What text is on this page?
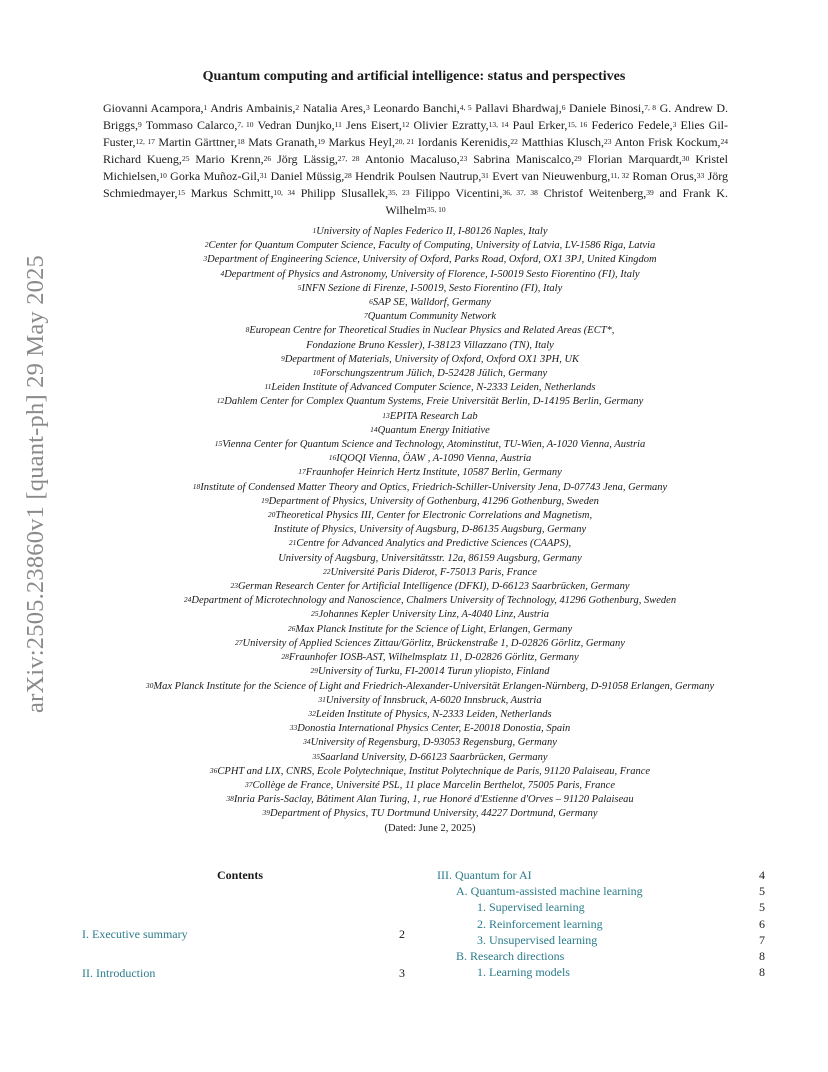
arXiv:2505.23860v1 [quant-ph] 29 May 2025
Quantum computing and artificial intelligence: status and perspectives
Giovanni Acampora,$^1$ Andris Ambainis,$^2$ Natalia Ares,$^3$ Leonardo Banchi,$^{4, 5}$ Pallavi Bhardwaj,$^6$ Daniele Binosi,$^{7, 8}$ G. Andrew D. Briggs,$^9$ Tommaso Calarco,$^{7, 10}$ Vedran Dunjko,$^{11}$ Jens Eisert,$^{12}$ Olivier Ezratty,$^{13, 14}$ Paul Erker,$^{15, 16}$ Federico Fedele,$^3$ Elies Gil-Fuster,$^{12, 17}$ Martin Gärttner,$^{18}$ Mats Granath,$^{19}$ Markus Heyl,$^{20, 21}$ Iordanis Kerenidis,$^{22}$ Matthias Klusch,$^{23}$ Anton Frisk Kockum,$^{24}$ Richard Kueng,$^{25}$ Mario Krenn,$^{26}$ Jörg Lässig,$^{27, 28}$ Antonio Macaluso,$^{23}$ Sabrina Maniscalco,$^{29}$ Florian Marquardt,$^{30}$ Kristel Michielsen,$^{10}$ Gorka Muñoz-Gil,$^{31}$ Daniel Müssig,$^{28}$ Hendrik Poulsen Nautrup,$^{31}$ Evert van Nieuwenburg,$^{11, 32}$ Roman Orus,$^{33}$ Jörg Schmiedmayer,$^{15}$ Markus Schmitt,$^{10, 34}$ Philipp Slusallek,$^{35, 23}$ Filippo Vicentini,$^{36, 37, 38}$ Christof Weitenberg,$^{39}$ and Frank K. Wilhelm$^{35, 10}$
$^1$University of Naples Federico II, I-80126 Naples, Italy
$^2$Center for Quantum Computer Science, Faculty of Computing, University of Latvia, LV-1586 Riga, Latvia
$^3$Department of Engineering Science, University of Oxford, Parks Road, Oxford, OX1 3PJ, United Kingdom
$^4$Department of Physics and Astronomy, University of Florence, I-50019 Sesto Fiorentino (FI), Italy
$^5$INFN Sezione di Firenze, I-50019, Sesto Fiorentino (FI), Italy
$^6$SAP SE, Walldorf, Germany
$^7$Quantum Community Network
$^8$European Centre for Theoretical Studies in Nuclear Physics and Related Areas (ECT*,
Fondazione Bruno Kessler), I-38123 Villazzano (TN), Italy
$^9$Department of Materials, University of Oxford, Oxford OX1 3PH, UK
$^{10}$Forschungszentrum Jülich, D-52428 Jülich, Germany
$^{11}$Leiden Institute of Advanced Computer Science, N-2333 Leiden, Netherlands
$^{12}$Dahlem Center for Complex Quantum Systems, Freie Universität Berlin, D-14195 Berlin, Germany
$^{13}$EPITA Research Lab
$^{14}$Quantum Energy Initiative
$^{15}$Vienna Center for Quantum Science and Technology, Atominstitut, TU-Wien, A-1020 Vienna, Austria
$^{16}$IQOQI Vienna, ÖAW , A-1090 Vienna, Austria
$^{17}$Fraunhofer Heinrich Hertz Institute, 10587 Berlin, Germany
$^{18}$Institute of Condensed Matter Theory and Optics, Friedrich-Schiller-University Jena, D-07743 Jena, Germany
$^{19}$Department of Physics, University of Gothenburg, 41296 Gothenburg, Sweden
$^{20}$Theoretical Physics III, Center for Electronic Correlations and Magnetism,
Institute of Physics, University of Augsburg, D-86135 Augsburg, Germany
$^{21}$Centre for Advanced Analytics and Predictive Sciences (CAAPS),
University of Augsburg, Universitätsstr. 12a, 86159 Augsburg, Germany
$^{22}$Université Paris Diderot, F-75013 Paris, France
$^{23}$German Research Center for Artificial Intelligence (DFKI), D-66123 Saarbrücken, Germany
$^{24}$Department of Microtechnology and Nanoscience, Chalmers University of Technology, 41296 Gothenburg, Sweden
$^{25}$Johannes Kepler University Linz, A-4040 Linz, Austria
$^{26}$Max Planck Institute for the Science of Light, Erlangen, Germany
$^{27}$University of Applied Sciences Zittau/Görlitz, Brückenstraße 1, D-02826 Görlitz, Germany
$^{28}$Fraunhofer IOSB-AST, Wilhelmsplatz 11, D-02826 Görlitz, Germany
$^{29}$University of Turku, FI-20014 Turun yliopisto, Finland
$^{30}$Max Planck Institute for the Science of Light and Friedrich-Alexander-Universität Erlangen-Nürnberg, D-91058 Erlangen, Germany
$^{31}$University of Innsbruck, A-6020 Innsbruck, Austria
$^{32}$Leiden Institute of Physics, N-2333 Leiden, Netherlands
$^{33}$Donostia International Physics Center, E-20018 Donostia, Spain
$^{34}$University of Regensburg, D-93053 Regensburg, Germany
$^{35}$Saarland University, D-66123 Saarbrücken, Germany
$^{36}$CPHT and LIX, CNRS, Ecole Polytechnique, Institut Polytechnique de Paris, 91120 Palaiseau, France
$^{37}$Collège de France, Université PSL, 11 place Marcelin Berthelot, 75005 Paris, France
$^{38}$Inria Paris-Saclay, Bâtiment Alan Turing, 1, rue Honoré d'Estienne d'Orves – 91120 Palaiseau
$^{39}$Department of Physics, TU Dortmund University, 44227 Dortmund, Germany
(Dated: June 2, 2025)
Contents
I. Executive summary	2
II. Introduction	3
III. Quantum for AI	4
A. Quantum-assisted machine learning	5
1. Supervised learning	5
2. Reinforcement learning	6
3. Unsupervised learning	7
B. Research directions	8
1. Learning models	8
